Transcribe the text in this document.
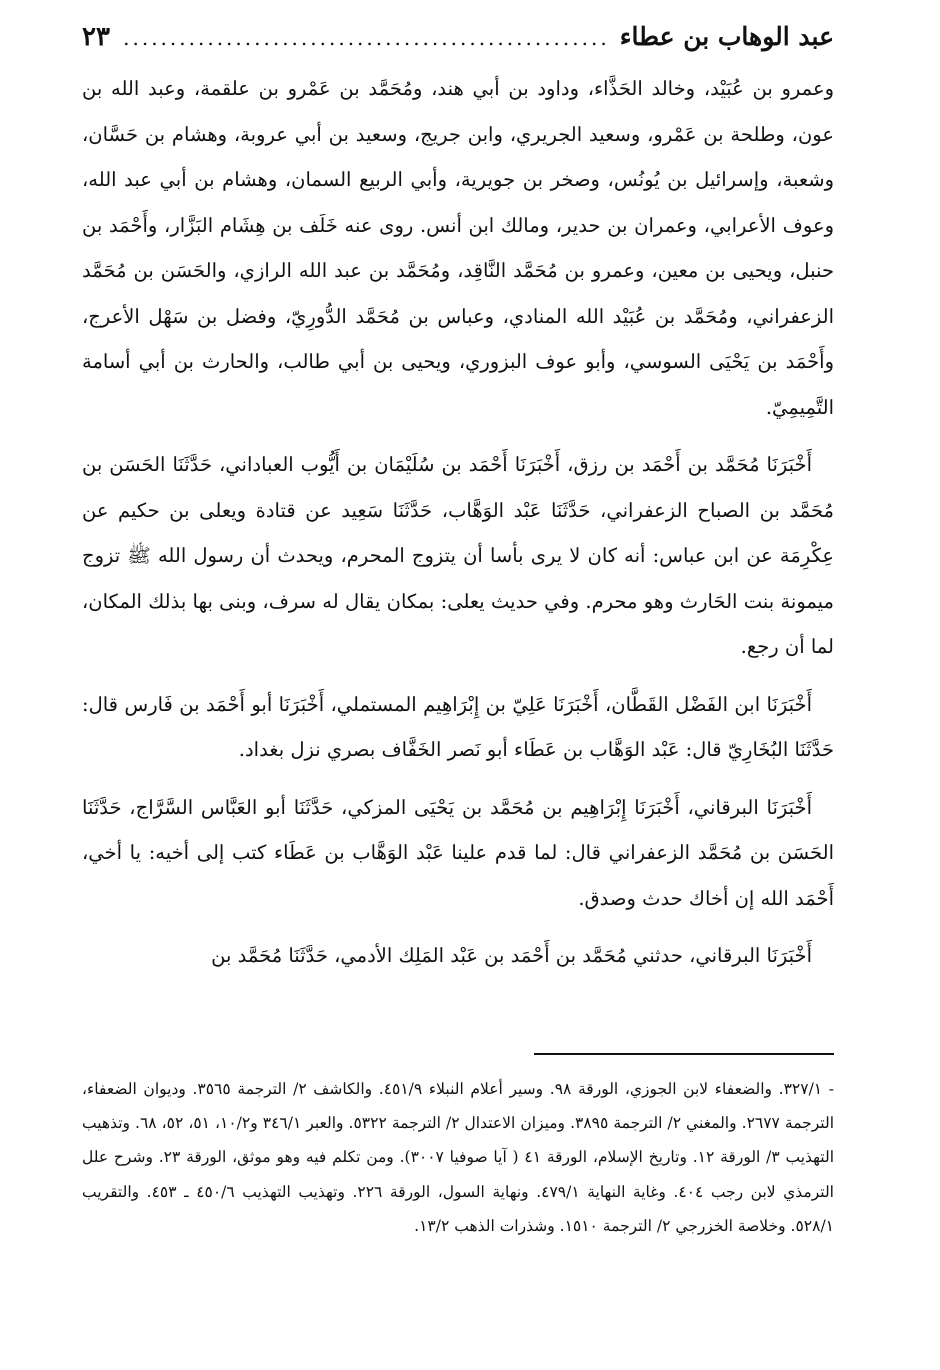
عبد الوهاب بن عطاء
.....
٢٣

وعمرو بن عُبَيْد، وخالد الحَذَّاء، وداود بن أبي هند، ومُحَمَّد بن عَمْرو بن علقمة، وعبد الله بن عون، وطلحة بن عَمْرو، وسعيد الجريري، وابن جريج، وسعيد بن أبي عروبة، وهشام بن حَسَّان، وشعبة، وإسرائيل بن يُونُس، وصخر بن جويرية، وأبي الربيع السمان، وهشام بن أبي عبد الله، وعوف الأعرابي، وعمران بن حدير، ومالك ابن أنس. روى عنه خَلَف بن هِشَام البَزَّار، وأَحْمَد بن حنبل، ويحيى بن معين، وعمرو بن مُحَمَّد النَّاقِد، ومُحَمَّد بن عبد الله الرازي، والحَسَن بن مُحَمَّد الزعفراني، ومُحَمَّد بن عُبَيْد الله المنادي، وعباس بن مُحَمَّد الدُّورِيّ، وفضل بن سَهْل الأعرج، وأَحْمَد بن يَحْيَى السوسي، وأبو عوف البزوري، ويحيى بن أبي طالب، والحارث بن أبي أسامة التَّمِيمِيّ.

أَخْبَرَنَا مُحَمَّد بن أَحْمَد بن رزق، أَخْبَرَنَا أَحْمَد بن سُلَيْمَان بن أَيُّوب العباداني، حَدَّثَنَا الحَسَن بن مُحَمَّد بن الصباح الزعفراني، حَدَّثَنَا عَبْد الوَهَّاب، حَدَّثَنَا سَعِيد عن قتادة ويعلى بن حكيم عن عِكْرِمَة عن ابن عباس: أنه كان لا يرى بأسا أن يتزوج المحرم، ويحدث أن رسول الله ﷺ تزوج ميمونة بنت الحَارث وهو محرم. وفي حديث يعلى: بمكان يقال له سرف، وبنى بها بذلك المكان، لما أن رجع.

أَخْبَرَنَا ابن الفَضْل القَطَّان، أَخْبَرَنَا عَلِيّ بن إِبْرَاهِيم المستملي، أَخْبَرَنَا أبو أَحْمَد بن فَارس قال: حَدَّثَنَا البُخَارِيّ قال: عَبْد الوَهَّاب بن عَطَاء أبو نَصر الخَفَّاف بصري نزل بغداد.

أَخْبَرَنَا البرقاني، أَخْبَرَنَا إِبْرَاهِيم بن مُحَمَّد بن يَحْيَى المزكي، حَدَّثَنَا أبو العَبَّاس السَّرَّاج، حَدَّثَنَا الحَسَن بن مُحَمَّد الزعفراني قال: لما قدم علينا عَبْد الوَهَّاب بن عَطَاء كتب إلى أخيه: يا أخي، أَحْمَد الله إن أخاك حدث وصدق.

أَخْبَرَنَا البرقاني، حدثني مُحَمَّد بن أَحْمَد بن عَبْد المَلِك الأدمي، حَدَّثَنَا مُحَمَّد بن

- ٣٢٧/١. والضعفاء لابن الجوزي، الورقة ٩٨. وسير أعلام النبلاء ٤٥١/٩. والكاشف ٢/ الترجمة ٣٥٦٥. وديوان الضعفاء، الترجمة ٢٦٧٧. والمغني ٢/ الترجمة ٣٨٩٥. وميزان الاعتدال ٢/ الترجمة ٥٣٢٢. والعبر ٣٤٦/١ و١٠/٢، ٥١، ٥٢، ٦٨. وتذهيب التهذيب ٣/ الورقة ١٢. وتاريخ الإسلام، الورقة ٤١ ( آيا صوفيا ٣٠٠٧). ومن تكلم فيه وهو موثق، الورقة ٢٣. وشرح علل الترمذي لابن رجب ٤٠٤. وغاية النهاية ٤٧٩/١. ونهاية السول، الورقة ٢٢٦. وتهذيب التهذيب ٤٥٠/٦ ـ ٤٥٣. والتقريب ٥٢٨/١. وخلاصة الخزرجي ٢/ الترجمة ١٥١٠. وشذرات الذهب ١٣/٢.
